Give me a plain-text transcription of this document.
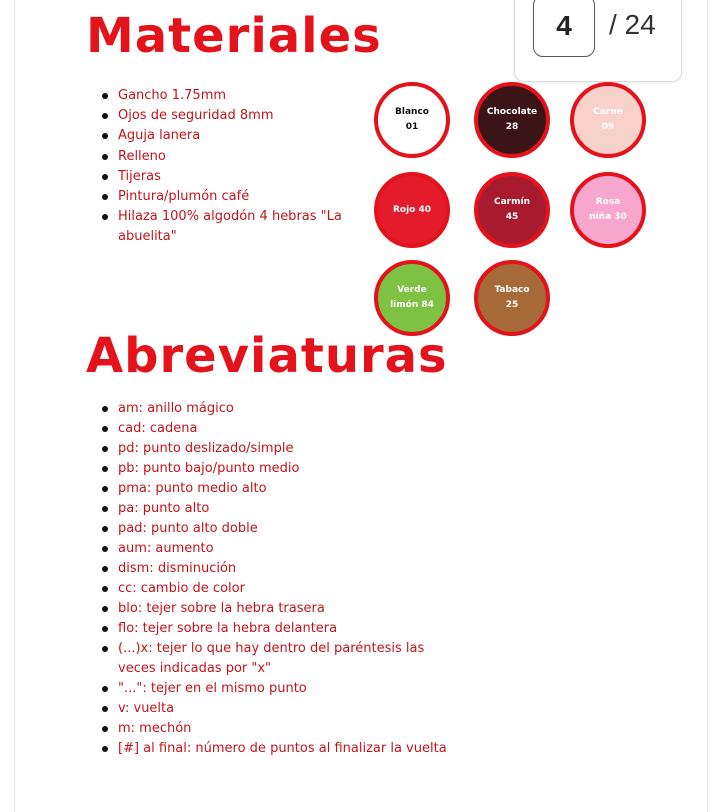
Materiales
Gancho 1.75mm
Ojos de seguridad 8mm
Aguja lanera
Relleno
Tijeras
Pintura/plumón café
Hilaza 100% algodón 4 hebras "La abuelita"
4
/ 24
Blanco
01
Chocolate
28
Carne
09
Rojo 40
Carmín
45
Rosa
niña 30
Verde
limón 84
Tabaco
25
Abreviaturas
am: anillo mágico
cad: cadena
pd: punto deslizado/simple
pb: punto bajo/punto medio
pma: punto medio alto
pa: punto alto
pad: punto alto doble
aum: aumento
dism: disminución
cc: cambio de color
blo: tejer sobre la hebra trasera
flo: tejer sobre la hebra delantera
(...)x: tejer lo que hay dentro del paréntesis las veces indicadas por "x"
"...": tejer en el mismo punto
v: vuelta
m: mechón
[#] al final: número de puntos al finalizar la vuelta
